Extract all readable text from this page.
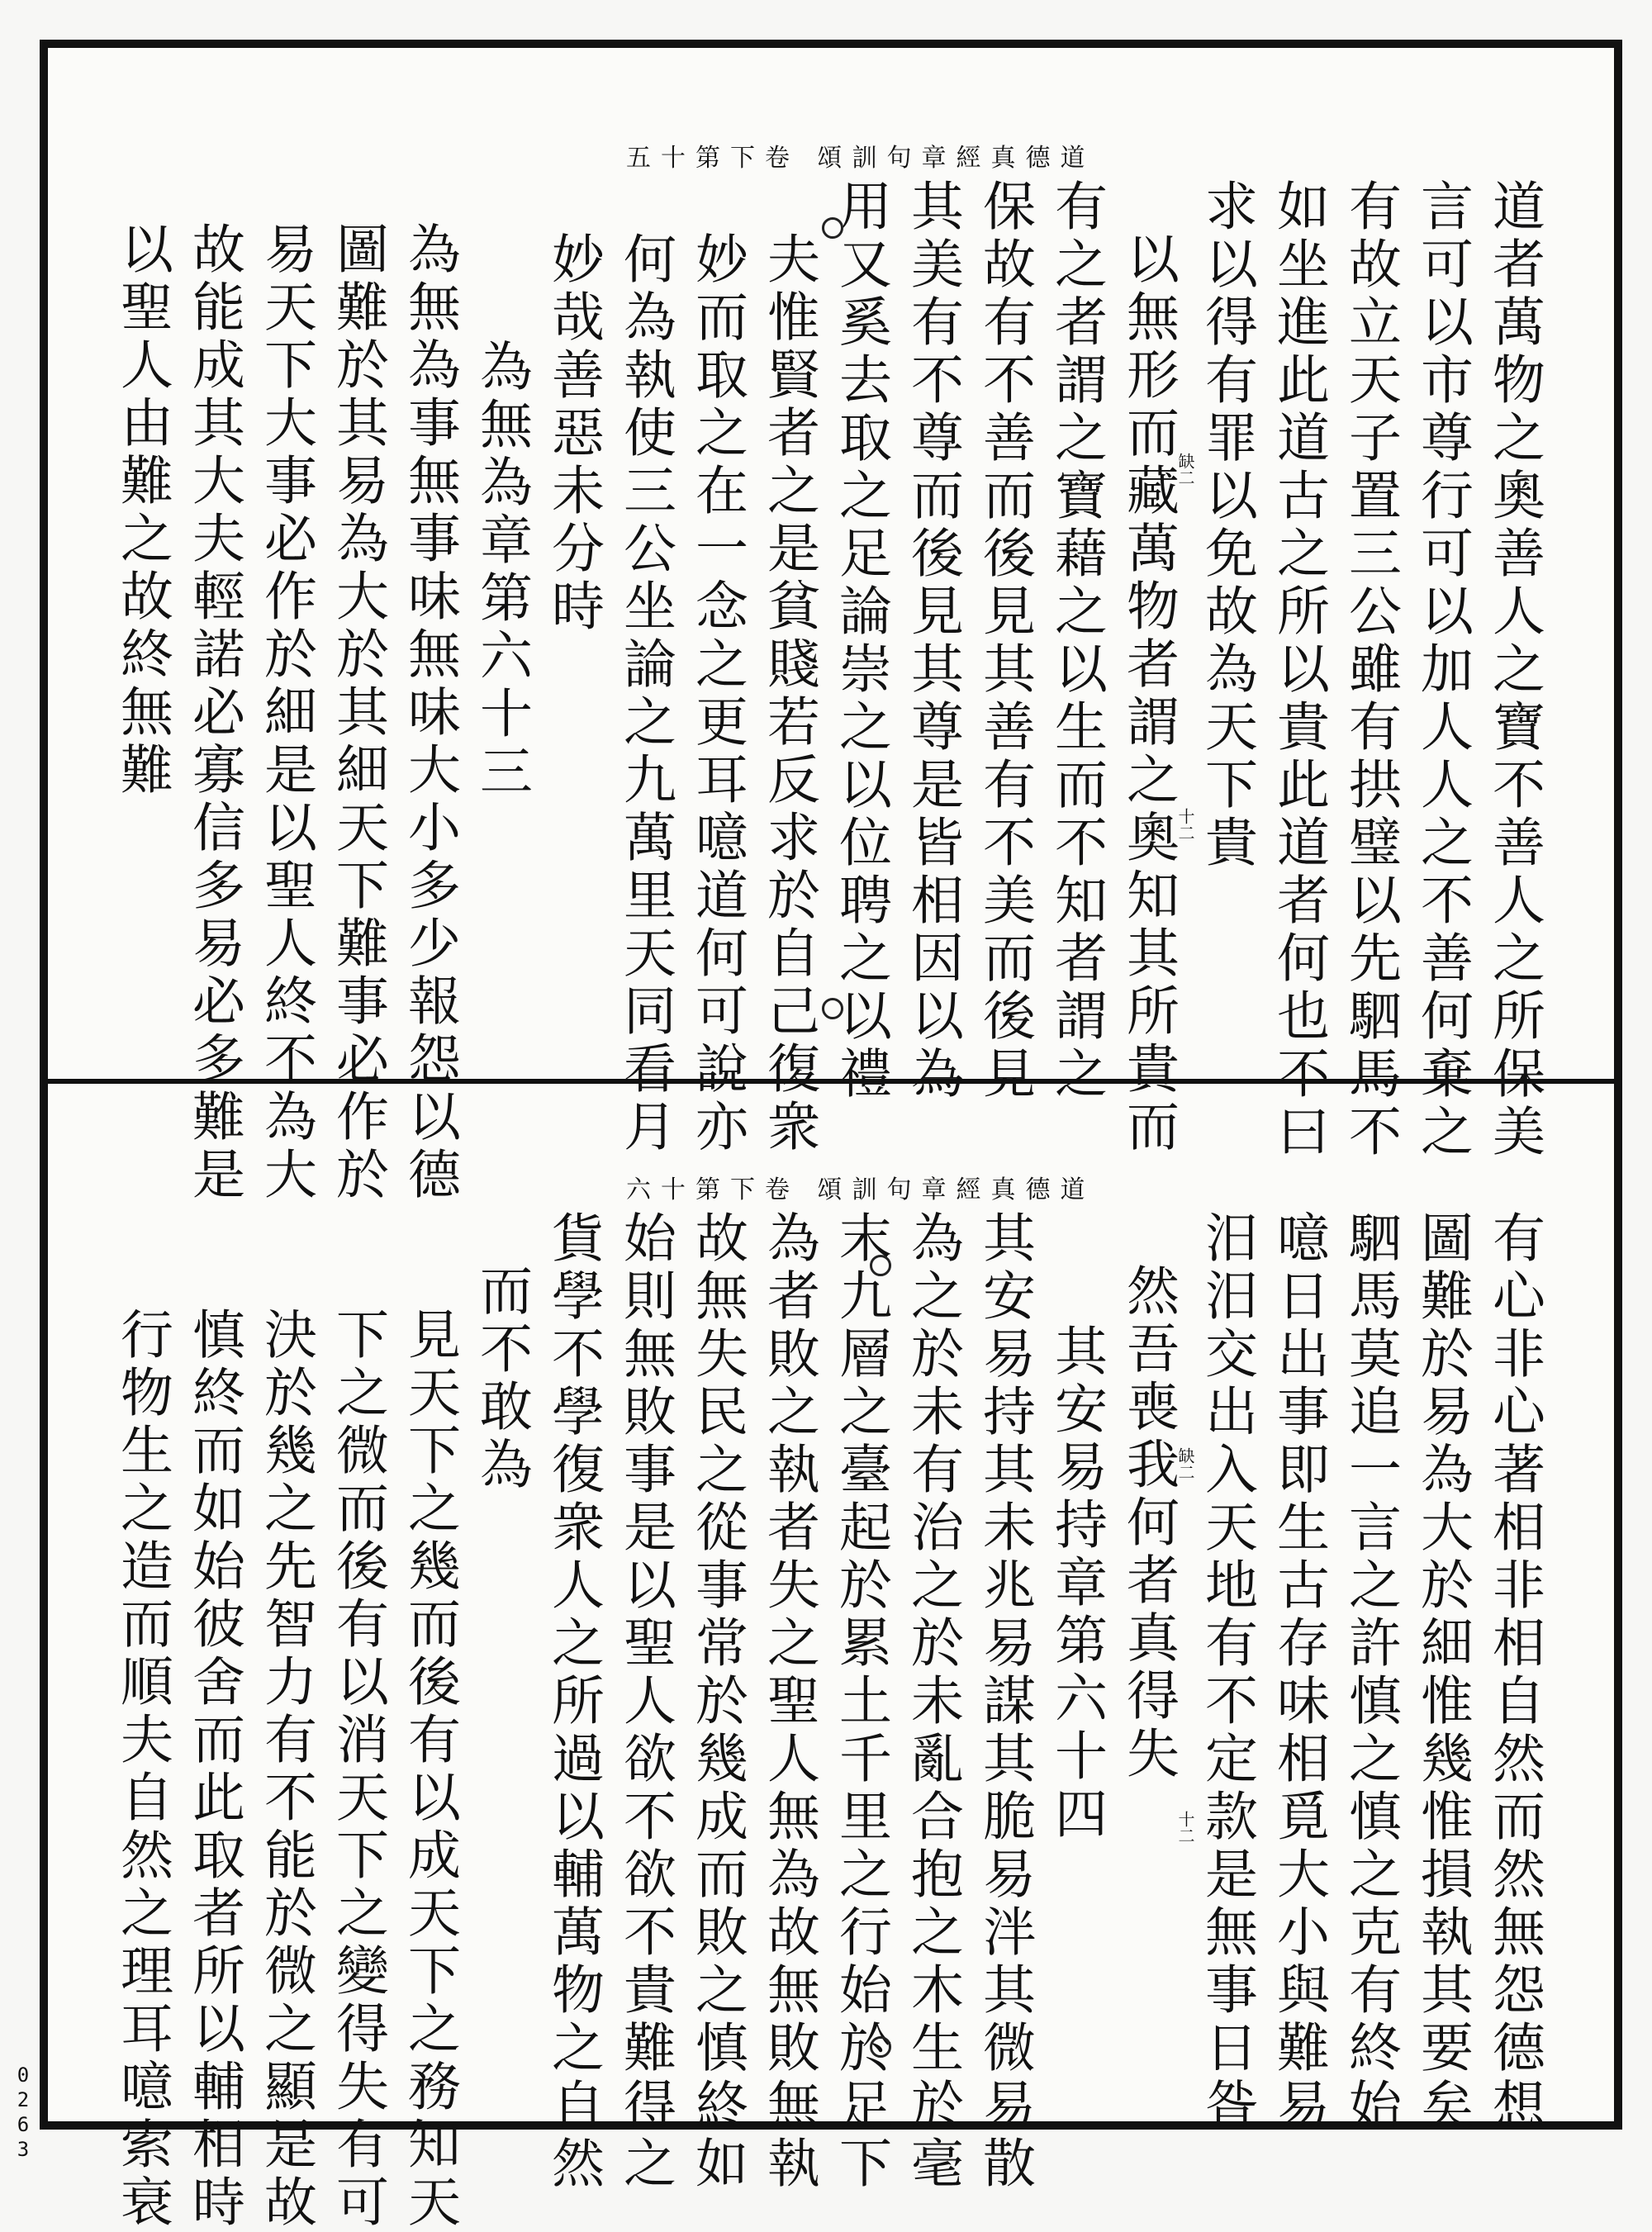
道德真經章句訓頌 卷下第十五
道者萬物之奧善人之寶不善人之所保美
言可以市尊行可以加人人之不善何棄之
有故立天子置三公雖有拱璧以先駟馬不
如坐進此道古之所以貴此道者何也不曰
求以得有罪以免故為天下貴
以無形而藏萬物者謂之奧知其所貴而
有之者謂之寶藉之以生而不知者謂之
保故有不善而後見其善有不美而後見
其美有不尊而後見其尊是皆相因以為
用又奚去取之足論崇之以位聘之以禮
夫惟賢者之是貧賤若反求於自己復衆
妙而取之在一念之更耳噫道何可說亦
何為執使三公坐論之九萬里天同看月
妙哉善惡未分時
為無為章第六十三
為無為事無事味無味大小多少報怨以德
圖難於其易為大於其細天下難事必作於
易天下大事必作於細是以聖人終不為大
故能成其大夫輕諾必寡信多易必多難是
以聖人由難之故終無難	缺二
十二
道德真經章句訓頌 卷下第十六
有心非心著相非相自然而然無怨德想
圖難於易為大於細惟幾惟損執其要矣
駟馬莫追一言之許慎之慎之克有終始
噫日出事即生古存味相覓大小與難易
汨汨交出入天地有不定款是無事日昝
然吾喪我何者真得失
其安易持章第六十四
其安易持其未兆易謀其脆易泮其微易散
為之於未有治之於未亂合抱之木生於毫
末九層之臺起於累土千里之行始於足下
為者敗之執者失之聖人無為故無敗無執
故無失民之從事常於幾成而敗之慎終如
始則無敗事是以聖人欲不欲不貴難得之
貨學不學復衆人之所過以輔萬物之自然
而不敢為
見天下之幾而後有以成天下之務知天
下之微而後有以消天下之變得失有可
決於幾之先智力有不能於微之顯是故
慎終而如始彼舍而此取者所以輔相時
行物生之造而順夫自然之理耳噫索衰	缺二
十二
0263
